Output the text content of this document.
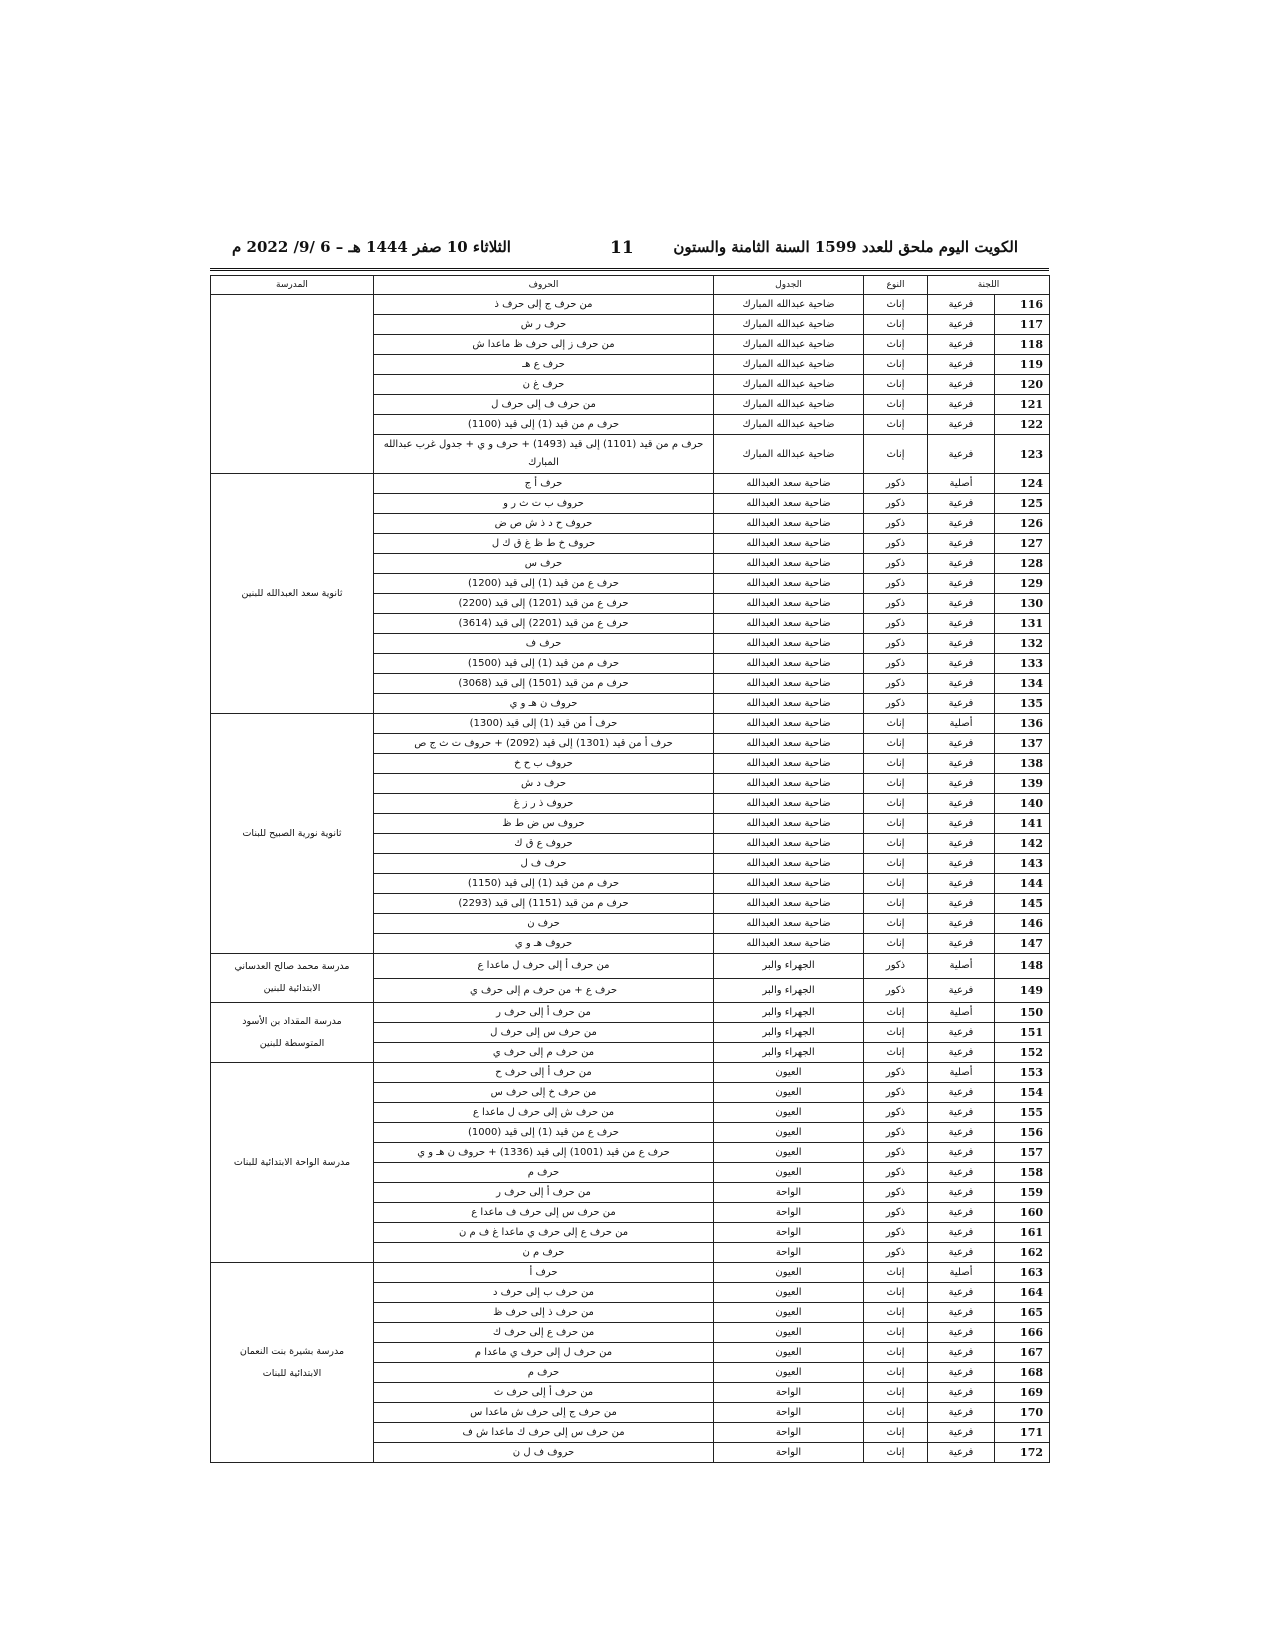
الكويت اليوم ملحق للعدد 1599 السنة الثامنة والستون
11
الثلاثاء 10 صفر 1444 هـ – 6 /9/ 2022 م
اللجنة		النوع	الجدول	الحروف	المدرسة
116	فرعية	إناث	ضاحية عبدالله المبارك	من حرف ج إلى حرف ذ	
117	فرعية	إناث	ضاحية عبدالله المبارك	حرف ر ش	
118	فرعية	إناث	ضاحية عبدالله المبارك	من حرف ز إلى حرف ظ ماعدا ش	
119	فرعية	إناث	ضاحية عبدالله المبارك	حرف ع هـ	
120	فرعية	إناث	ضاحية عبدالله المبارك	حرف غ ن	
121	فرعية	إناث	ضاحية عبدالله المبارك	من حرف ف إلى حرف ل	
122	فرعية	إناث	ضاحية عبدالله المبارك	حرف م من قيد (1) إلى قيد (1100)	
123	فرعية	إناث	ضاحية عبدالله المبارك	حرف م من قيد (1101) إلى قيد (1493) + حرف و ي + جدول غرب عبدالله المبارك	
124	أصلية	ذكور	ضاحية سعد العبدالله	حرف أ ج	ثانوية سعد العبدالله للبنين
125	فرعية	ذكور	ضاحية سعد العبدالله	حروف ب ت ث ر و	
126	فرعية	ذكور	ضاحية سعد العبدالله	حروف ح د ذ ش ص ض	
127	فرعية	ذكور	ضاحية سعد العبدالله	حروف خ ط ظ غ ق ك ل	
128	فرعية	ذكور	ضاحية سعد العبدالله	حرف س	
129	فرعية	ذكور	ضاحية سعد العبدالله	حرف ع من قيد (1) إلى قيد (1200)	
130	فرعية	ذكور	ضاحية سعد العبدالله	حرف ع من قيد (1201) إلى قيد (2200)	
131	فرعية	ذكور	ضاحية سعد العبدالله	حرف ع من قيد (2201) إلى قيد (3614)	
132	فرعية	ذكور	ضاحية سعد العبدالله	حرف ف	
133	فرعية	ذكور	ضاحية سعد العبدالله	حرف م من قيد (1) إلى قيد (1500)	
134	فرعية	ذكور	ضاحية سعد العبدالله	حرف م من قيد (1501) إلى قيد (3068)	
135	فرعية	ذكور	ضاحية سعد العبدالله	حروف ن هـ و ي	
136	أصلية	إناث	ضاحية سعد العبدالله	حرف أ من قيد (1) إلى قيد (1300)	ثانوية نورية الصبيح للبنات
137	فرعية	إناث	ضاحية سعد العبدالله	حرف أ من قيد (1301) إلى قيد (2092) + حروف ت ث ج ص	
138	فرعية	إناث	ضاحية سعد العبدالله	حروف ب ح خ	
139	فرعية	إناث	ضاحية سعد العبدالله	حرف د ش	
140	فرعية	إناث	ضاحية سعد العبدالله	حروف ذ ر ز غ	
141	فرعية	إناث	ضاحية سعد العبدالله	حروف س ض ط ظ	
142	فرعية	إناث	ضاحية سعد العبدالله	حروف ع ق ك	
143	فرعية	إناث	ضاحية سعد العبدالله	حرف ف ل	
144	فرعية	إناث	ضاحية سعد العبدالله	حرف م من قيد (1) إلى قيد (1150)	
145	فرعية	إناث	ضاحية سعد العبدالله	حرف م من قيد (1151) إلى قيد (2293)	
146	فرعية	إناث	ضاحية سعد العبدالله	حرف ن	
147	فرعية	إناث	ضاحية سعد العبدالله	حروف هـ و ي	
148	أصلية	ذكور	الجهراء والبر	من حرف أ إلى حرف ل ماعدا ع	مدرسة محمد صالح العدساني الابتدائية للبنين
149	فرعية	ذكور	الجهراء والبر	حرف ع + من حرف م إلى حرف ي	
150	أصلية	إناث	الجهراء والبر	من حرف أ إلى حرف ر	مدرسة المقداد بن الأسود المتوسطة للبنين
151	فرعية	إناث	الجهراء والبر	من حرف س إلى حرف ل	
152	فرعية	إناث	الجهراء والبر	من حرف م إلى حرف ي	
153	أصلية	ذكور	العيون	من حرف أ إلى حرف ح	مدرسة الواحة الابتدائية للبنات
154	فرعية	ذكور	العيون	من حرف خ إلى حرف س	
155	فرعية	ذكور	العيون	من حرف ش إلى حرف ل ماعدا ع	
156	فرعية	ذكور	العيون	حرف ع من قيد (1) إلى قيد (1000)	
157	فرعية	ذكور	العيون	حرف ع من قيد (1001) إلى قيد (1336) + حروف ن هـ و ي	
158	فرعية	ذكور	العيون	حرف م	
159	فرعية	ذكور	الواحة	من حرف أ إلى حرف ر	
160	فرعية	ذكور	الواحة	من حرف س إلى حرف ف ماعدا ع	
161	فرعية	ذكور	الواحة	من حرف ع إلى حرف ي ماعدا غ ف م ن	
162	فرعية	ذكور	الواحة	حرف م ن	
163	أصلية	إناث	العيون	حرف أ	مدرسة بشيرة بنت النعمان الابتدائية للبنات
164	فرعية	إناث	العيون	من حرف ب إلى حرف د	
165	فرعية	إناث	العيون	من حرف ذ إلى حرف ظ	
166	فرعية	إناث	العيون	من حرف ع إلى حرف ك	
167	فرعية	إناث	العيون	من حرف ل إلى حرف ي ماعدا م	
168	فرعية	إناث	العيون	حرف م	
169	فرعية	إناث	الواحة	من حرف أ إلى حرف ث	
170	فرعية	إناث	الواحة	من حرف ج إلى حرف ش ماعدا س	
171	فرعية	إناث	الواحة	من حرف س إلى حرف ك ماعدا ش ف	
172	فرعية	إناث	الواحة	حروف ف ل ن	
